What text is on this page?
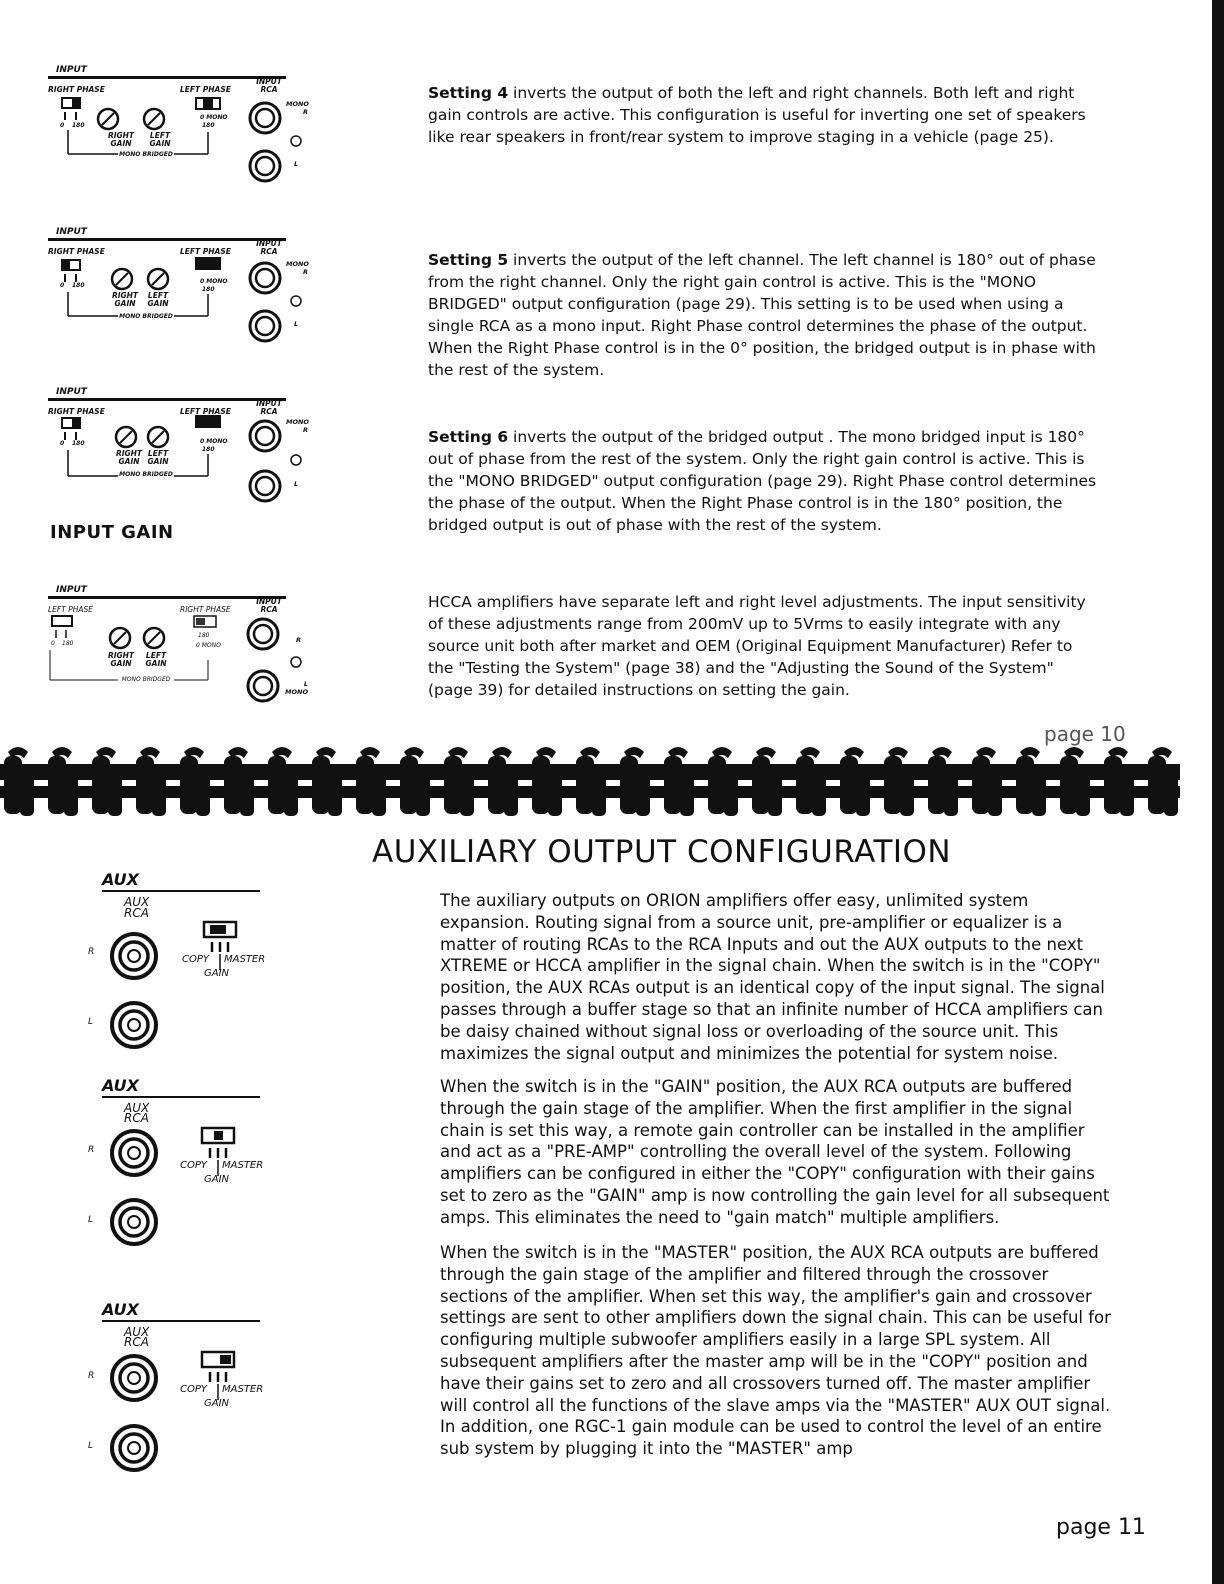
INPUT
RIGHT PHASE	LEFT PHASE
INPUT RCA
0 180
RIGHT GAIN
LEFT GAIN
0 MONO
180
MONO BRIDGED
MONO R
L
INPUT
RIGHT PHASE	LEFT PHASE
INPUT RCA
0 180
RIGHT GAIN
LEFT GAIN
0 MONO
180
MONO BRIDGED
MONO R
L
INPUT
RIGHT PHASE	LEFT PHASE
INPUT RCA
0 180
RIGHT GAIN
LEFT GAIN
0 MONO
180
MONO BRIDGED
MONO R
L
INPUT GAIN
INPUT
LEFT PHASE	RIGHT PHASE
INPUT RCA
0 180
RIGHT GAIN
LEFT GAIN
0 MONO
180
MONO BRIDGED
R
L MONO

Setting 4 inverts the output of both the left and right channels. Both left and right gain controls are active. This configuration is useful for inverting one set of speakers like rear speakers in front/rear system to improve staging in a vehicle (page 25).

Setting 5 inverts the output of the left channel. The left channel is 180° out of phase from the right channel. Only the right gain control is active. This is the "MONO BRIDGED" output configuration (page 29). This setting is to be used when using a single RCA as a mono input. Right Phase control determines the phase of the output. When the Right Phase control is in the 0° position, the bridged output is in phase with the rest of the system.

Setting 6 inverts the output of the bridged output . The mono bridged input is 180° out of phase from the rest of the system. Only the right gain control is active. This is the "MONO BRIDGED" output configuration (page 29). Right Phase control determines the phase of the output. When the Right Phase control is in the 180° position, the bridged output is out of phase with the rest of the system.

HCCA amplifiers have separate left and right level adjustments. The input sensitivity of these adjustments range from 200mV up to 5Vrms to easily integrate with any source unit both after market and OEM (Original Equipment Manufacturer) Refer to the "Testing the System" (page 38) and the "Adjusting the Sound of the System" (page 39) for detailed instructions on setting the gain.

page 10
AUXILIARY OUTPUT CONFIGURATION
AUX
AUX
RCA
R
L
COPY MASTER
GAIN
AUX
AUX
RCA
R
L
COPY MASTER
GAIN
AUX
AUX
RCA
R
L
COPY MASTER
GAIN

The auxiliary outputs on ORION amplifiers offer easy, unlimited system expansion. Routing signal from a source unit, pre-amplifier or equalizer is a matter of routing RCAs to the RCA Inputs and out the AUX outputs to the next XTREME or HCCA amplifier in the signal chain. When the switch is in the "COPY" position, the AUX RCAs output is an identical copy of the input signal. The signal passes through a buffer stage so that an infinite number of HCCA amplifiers can be daisy chained without signal loss or overloading of the source unit. This maximizes the signal output and minimizes the potential for system noise.

When the switch is in the "GAIN" position, the AUX RCA outputs are buffered through the gain stage of the amplifier. When the first amplifier in the signal chain is set this way, a remote gain controller can be installed in the amplifier and act as a "PRE-AMP" controlling the overall level of the system. Following amplifiers can be configured in either the "COPY" configuration with their gains set to zero as the "GAIN" amp is now controlling the gain level for all subsequent amps. This eliminates the need to "gain match" multiple amplifiers.

When the switch is in the "MASTER" position, the AUX RCA outputs are buffered through the gain stage of the amplifier and filtered through the crossover sections of the amplifier. When set this way, the amplifier's gain and crossover settings are sent to other amplifiers down the signal chain. This can be useful for configuring multiple subwoofer amplifiers easily in a large SPL system. All subsequent amplifiers after the master amp will be in the "COPY" position and have their gains set to zero and all crossovers turned off. The master amplifier will control all the functions of the slave amps via the "MASTER" AUX OUT signal. In addition, one RGC-1 gain module can be used to control the level of an entire sub system by plugging it into the "MASTER" amp

page 11
